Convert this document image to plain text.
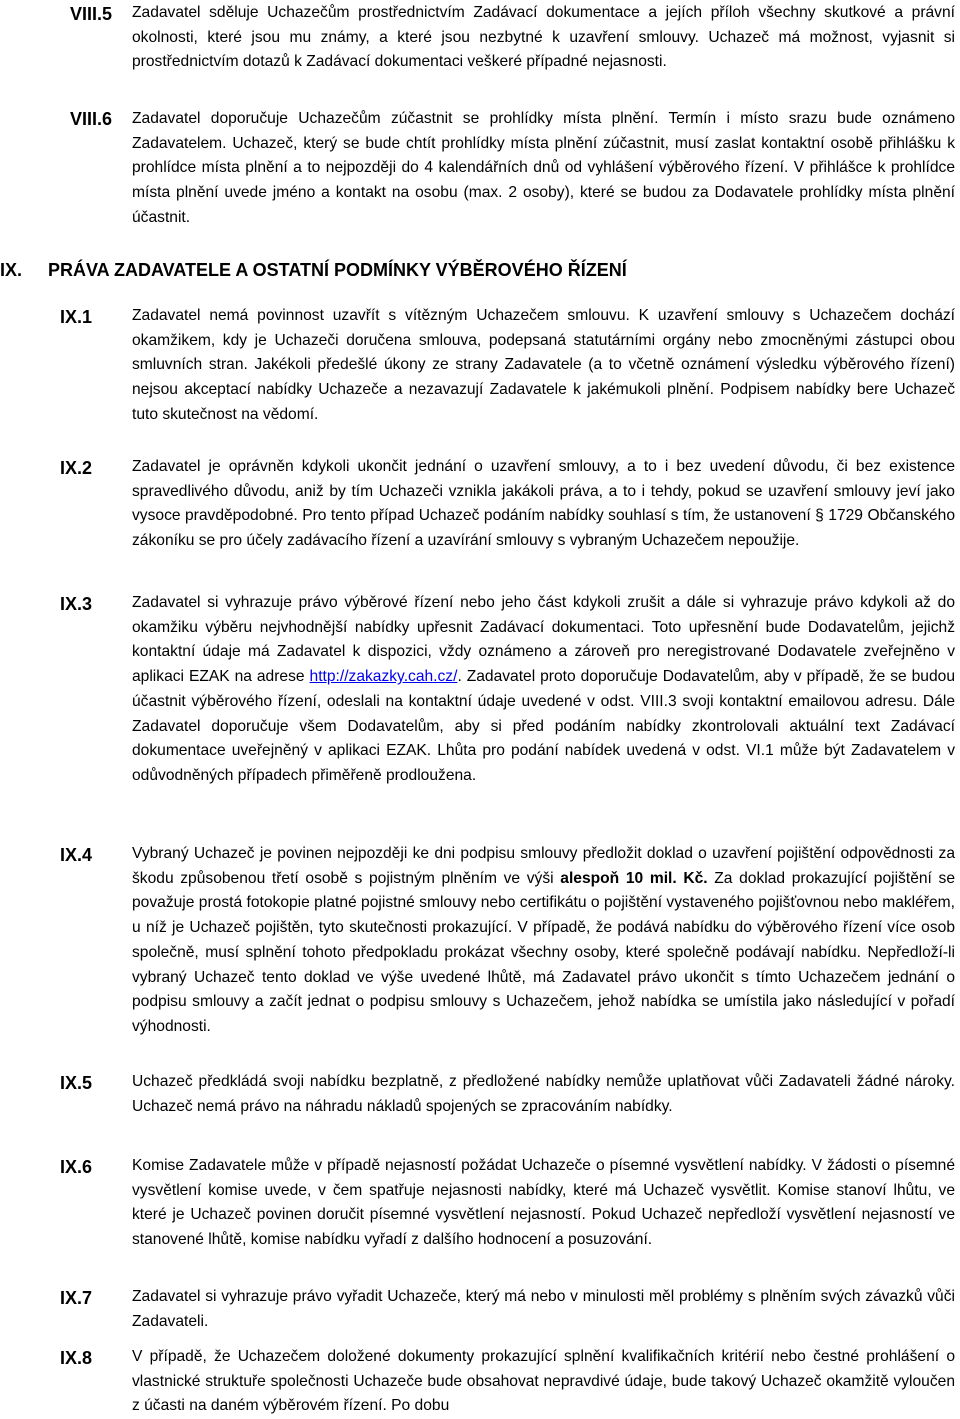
VIII.5 Zadavatel sděluje Uchazečům prostřednictvím Zadávací dokumentace a jejích příloh všechny skutkové a právní okolnosti, které jsou mu známy, a které jsou nezbytné k uzavření smlouvy. Uchazeč má možnost, vyjasnit si prostřednictvím dotazů k Zadávací dokumentaci veškeré případné nejasnosti.
VIII.6 Zadavatel doporučuje Uchazečům zúčastnit se prohlídky místa plnění. Termín i místo srazu bude oznámeno Zadavatelem. Uchazeč, který se bude chtít prohlídky místa plnění zúčastnit, musí zaslat kontaktní osobě přihlášku k prohlídce místa plnění a to nejpozději do 4 kalendářních dnů od vyhlášení výběrového řízení. V přihlášce k prohlídce místa plnění uvede jméno a kontakt na osobu (max. 2 osoby), které se budou za Dodavatele prohlídky místa plnění účastnit.
IX. PRÁVA ZADAVATELE A OSTATNÍ PODMÍNKY VÝBĚROVÉHO ŘÍZENÍ
IX.1	Zadavatel nemá povinnost uzavřít s vítězným Uchazečem smlouvu. K uzavření smlouvy s Uchazečem dochází okamžikem, kdy je Uchazeči doručena smlouva, podepsaná statutárními orgány nebo zmocněnými zástupci obou smluvních stran. Jakékoli předešlé úkony ze strany Zadavatele (a to včetně oznámení výsledku výběrového řízení) nejsou akceptací nabídky Uchazeče a nezavazují Zadavatele k jakémukoli plnění. Podpisem nabídky bere Uchazeč tuto skutečnost na vědomí.
IX.2	Zadavatel je oprávněn kdykoli ukončit jednání o uzavření smlouvy, a to i bez uvedení důvodu, či bez existence spravedlivého důvodu, aniž by tím Uchazeči vznikla jakákoli práva, a to i tehdy, pokud se uzavření smlouvy jeví jako vysoce pravděpodobné. Pro tento případ Uchazeč podáním nabídky souhlasí s tím, že ustanovení § 1729 Občanského zákoníku se pro účely zadávacího řízení a uzavírání smlouvy s vybraným Uchazečem nepoužije.
IX.3	Zadavatel si vyhrazuje právo výběrové řízení nebo jeho část kdykoli zrušit a dále si vyhrazuje právo kdykoli až do okamžiku výběru nejvhodnější nabídky upřesnit Zadávací dokumentaci. Toto upřesnění bude Dodavatelům, jejichž kontaktní údaje má Zadavatel k dispozici, vždy oznámeno a zároveň pro neregistrované Dodavatele zveřejněno v aplikaci EZAK na adrese http://zakazky.cah.cz/. Zadavatel proto doporučuje Dodavatelům, aby v případě, že se budou účastnit výběrového řízení, odeslali na kontaktní údaje uvedené v odst. VIII.3 svoji kontaktní emailovou adresu. Dále Zadavatel doporučuje všem Dodavatelům, aby si před podáním nabídky zkontrolovali aktuální text Zadávací dokumentace uveřejněný v aplikaci EZAK. Lhůta pro podání nabídek uvedená v odst. VI.1 může být Zadavatelem v odůvodněných případech přiměřeně prodloužena.
IX.4	Vybraný Uchazeč je povinen nejpozději ke dni podpisu smlouvy předložit doklad o uzavření pojištění odpovědnosti za škodu způsobenou třetí osobě s pojistným plněním ve výši alespoň 10 mil. Kč. Za doklad prokazující pojištění se považuje prostá fotokopie platné pojistné smlouvy nebo certifikátu o pojištění vystaveného pojišťovnou nebo makléřem, u níž je Uchazeč pojištěn, tyto skutečnosti prokazující. V případě, že podává nabídku do výběrového řízení více osob společně, musí splnění tohoto předpokladu prokázat všechny osoby, které společně podávají nabídku. Nepředloží-li vybraný Uchazeč tento doklad ve výše uvedené lhůtě, má Zadavatel právo ukončit s tímto Uchazečem jednání o podpisu smlouvy a začít jednat o podpisu smlouvy s Uchazečem, jehož nabídka se umístila jako následující v pořadí výhodnosti.
IX.5	Uchazeč předkládá svoji nabídku bezplatně, z předložené nabídky nemůže uplatňovat vůči Zadavateli žádné nároky. Uchazeč nemá právo na náhradu nákladů spojených se zpracováním nabídky.
IX.6	Komise Zadavatele může v případě nejasností požádat Uchazeče o písemné vysvětlení nabídky. V žádosti o písemné vysvětlení komise uvede, v čem spatřuje nejasnosti nabídky, které má Uchazeč vysvětlit. Komise stanoví lhůtu, ve které je Uchazeč povinen doručit písemné vysvětlení nejasností. Pokud Uchazeč nepředloží vysvětlení nejasností ve stanovené lhůtě, komise nabídku vyřadí z dalšího hodnocení a posuzování.
IX.7	Zadavatel si vyhrazuje právo vyřadit Uchazeče, který má nebo v minulosti měl problémy s plněním svých závazků vůči Zadavateli.
IX.8	V případě, že Uchazečem doložené dokumenty prokazující splnění kvalifikačních kritérií nebo čestné prohlášení o vlastnické struktuře společnosti Uchazeče bude obsahovat nepravdivé údaje, bude takový Uchazeč okamžitě vyloučen z účasti na daném výběrovém řízení. Po dobu
